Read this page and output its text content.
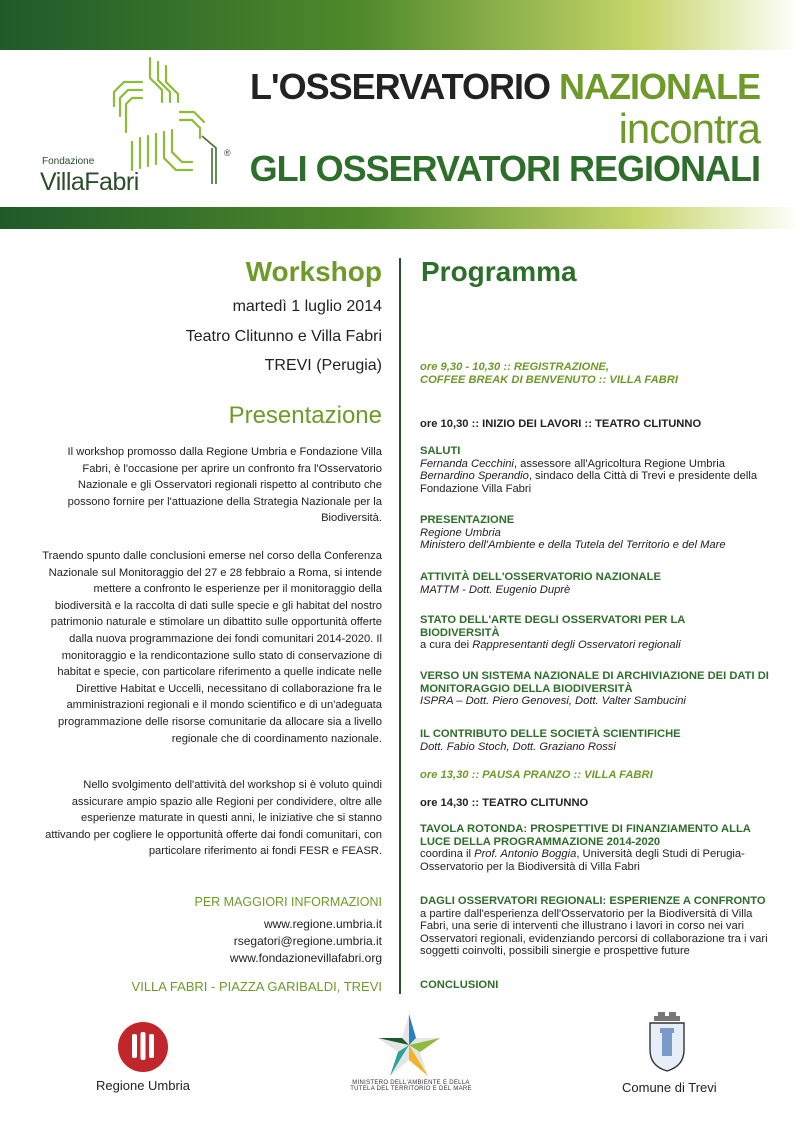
Fondazione
VillaFabri
®
L'OSSERVATORIO NAZIONALE
incontra
GLI OSSERVATORI REGIONALI
Workshop
martedì 1 luglio 2014
Teatro Clitunno e Villa Fabri
TREVI (Perugia)
Presentazione
Il workshop promosso dalla Regione Umbria e Fondazione Villa Fabri, è l'occasione per aprire un confronto fra l'Osservatorio Nazionale e gli Osservatori regionali rispetto al contributo che possono fornire per l'attuazione della Strategia Nazionale per la Biodiversità.
Traendo spunto dalle conclusioni emerse nel corso della Conferenza Nazionale sul Monitoraggio del 27 e 28 febbraio a Roma, si intende mettere a confronto le esperienze per il monitoraggio della biodiversità e la raccolta di dati sulle specie e gli habitat del nostro patrimonio naturale e stimolare un dibattito sulle opportunità offerte dalla nuova programmazione dei fondi comunitari 2014-2020. Il monitoraggio e la rendicontazione sullo stato di conservazione di habitat e specie, con particolare riferimento a quelle indicate nelle Direttive Habitat e Uccelli, necessitano di collaborazione fra le amministrazioni regionali e il mondo scientifico e di un'adeguata programmazione delle risorse comunitarie da allocare sia a livello regionale che di coordinamento nazionale.
Nello svolgimento dell'attività del workshop si è voluto quindi assicurare ampio spazio alle Regioni per condividere, oltre alle esperienze maturate in questi anni, le iniziative che si stanno attivando per cogliere le opportunità offerte dai fondi comunitari, con particolare riferimento ai fondi FESR e FEASR.
PER MAGGIORI INFORMAZIONI
www.regione.umbria.it
rsegatori@regione.umbria.it
www.fondazionevillafabri.org
VILLA FABRI - PIAZZA GARIBALDI, TREVI
Programma
ore 9,30 - 10,30 :: REGISTRAZIONE,
COFFEE BREAK DI BENVENUTO :: VILLA FABRI
ore 10,30 :: INIZIO DEI LAVORI :: TEATRO CLITUNNO
SALUTI
Fernanda Cecchini, assessore all'Agricoltura Regione Umbria
Bernardino Sperandio, sindaco della Città di Trevi e presidente della Fondazione Villa Fabri
PRESENTAZIONE
Regione Umbria
Ministero dell'Ambiente e della Tutela del Territorio e del Mare
ATTIVITÀ DELL'OSSERVATORIO NAZIONALE
MATTM - Dott. Eugenio Duprè
STATO DELL'ARTE DEGLI OSSERVATORI PER LA BIODIVERSITÀ
a cura dei Rappresentanti degli Osservatori regionali
VERSO UN SISTEMA NAZIONALE DI ARCHIVIAZIONE DEI DATI DI MONITORAGGIO DELLA BIODIVERSITÀ
ISPRA – Dott. Piero Genovesi, Dott. Valter Sambucini
IL CONTRIBUTO DELLE SOCIETÀ SCIENTIFICHE
Dott. Fabio Stoch, Dott. Graziano Rossi
ore 13,30 :: PAUSA PRANZO :: VILLA FABRI
ore 14,30 :: TEATRO CLITUNNO
TAVOLA ROTONDA: PROSPETTIVE DI FINANZIAMENTO ALLA LUCE DELLA PROGRAMMAZIONE 2014-2020
coordina il Prof. Antonio Boggia, Università degli Studi di Perugia-Osservatorio per la Biodiversità di Villa Fabri
DAGLI OSSERVATORI REGIONALI: ESPERIENZE A CONFRONTO
a partire dall'esperienza dell'Osservatorio per la Biodiversità di Villa Fabri, una serie di interventi che illustrano i lavori in corso nei vari Osservatori regionali, evidenziando percorsi di collaborazione tra i vari soggetti coinvolti, possibili sinergie e prospettive future
CONCLUSIONI
Regione Umbria	MINISTERO DELL'AMBIENTE E DELLA TUTELA DEL TERRITORIO E DEL MARE	Comune di Trevi
